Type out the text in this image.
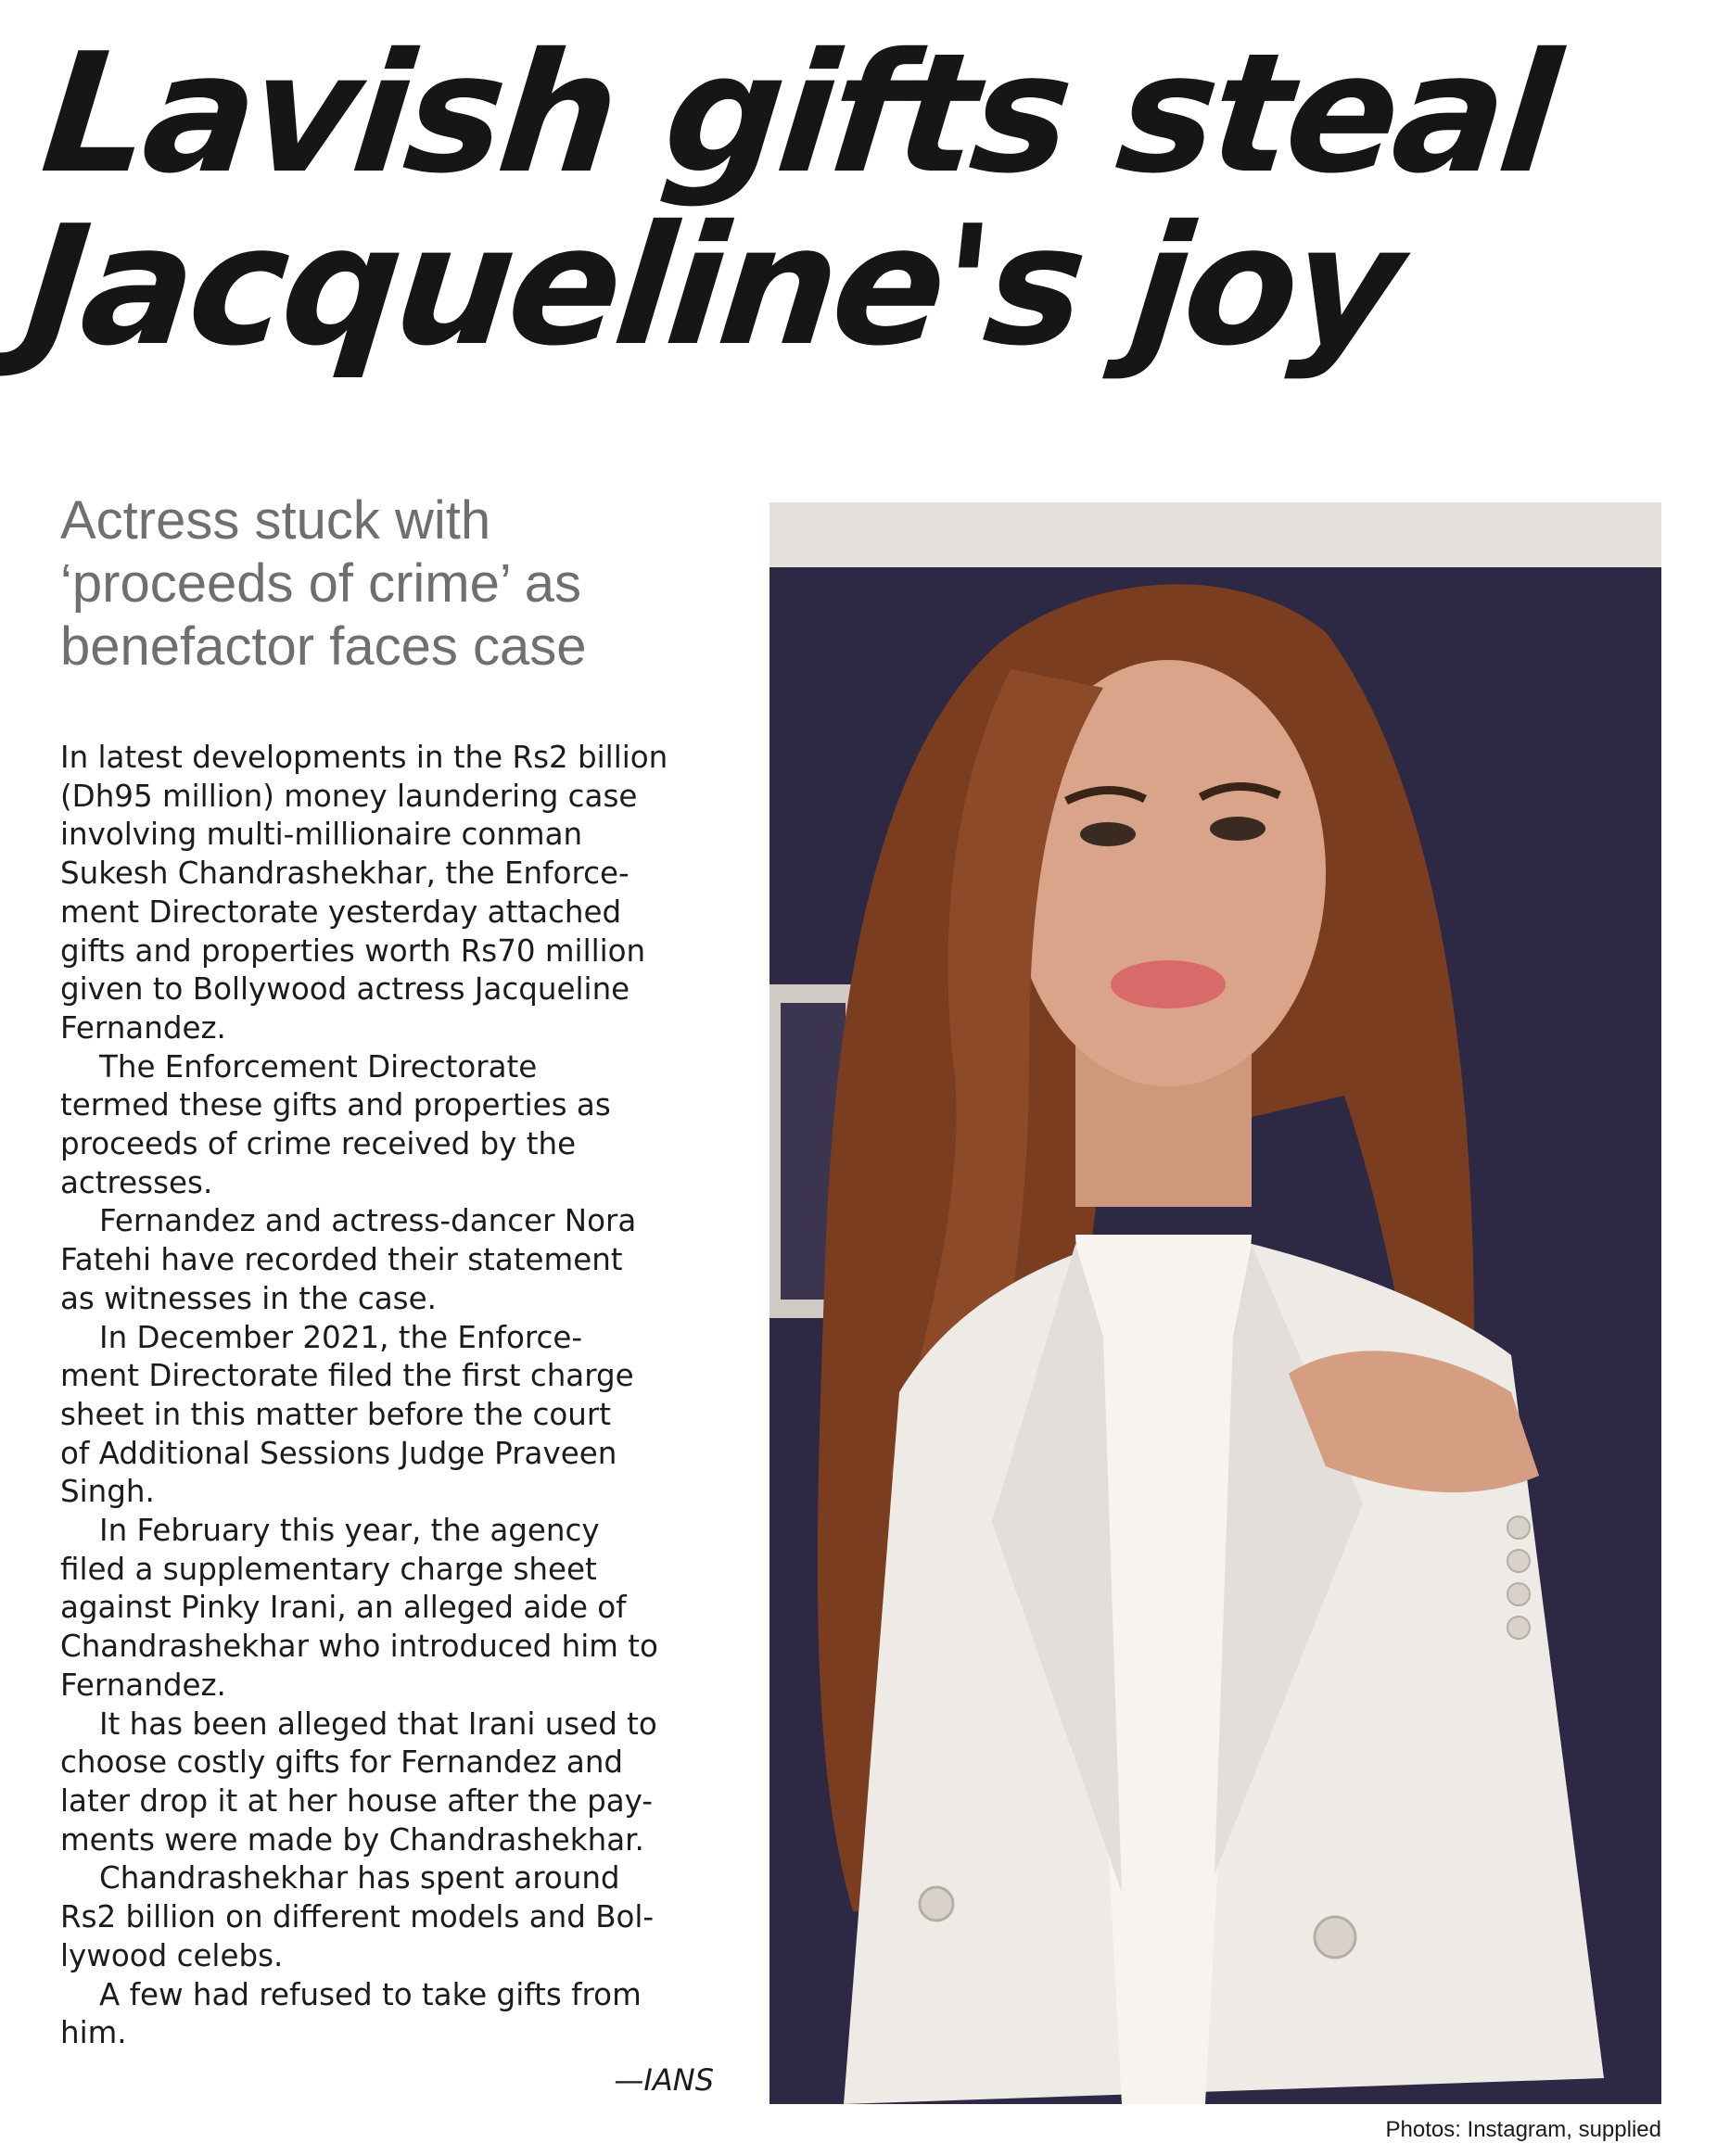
Lavish gifts steal
Jacqueline's joy
Actress stuck with
‘proceeds of crime’ as
benefactor faces case

In latest developments in the Rs2 billion
(Dh95 million) money laundering case
involving multi-millionaire conman
Sukesh Chandrashekhar, the Enforce-
ment Directorate yesterday attached
gifts and properties worth Rs70 million
given to Bollywood actress Jacqueline
Fernandez.

The Enforcement Directorate
termed these gifts and properties as
proceeds of crime received by the
actresses.

Fernandez and actress-dancer Nora
Fatehi have recorded their statement
as witnesses in the case.

In December 2021, the Enforce-
ment Directorate filed the first charge
sheet in this matter before the court
of Additional Sessions Judge Praveen
Singh.

In February this year, the agency
filed a supplementary charge sheet
against Pinky Irani, an alleged aide of
Chandrashekhar who introduced him to
Fernandez.

It has been alleged that Irani used to
choose costly gifts for Fernandez and
later drop it at her house after the pay-
ments were made by Chandrashekhar.

Chandrashekhar has spent around
Rs2 billion on different models and Bol-
lywood celebs.

A few had refused to take gifts from
him.

—IANS
Photos: Instagram, supplied
